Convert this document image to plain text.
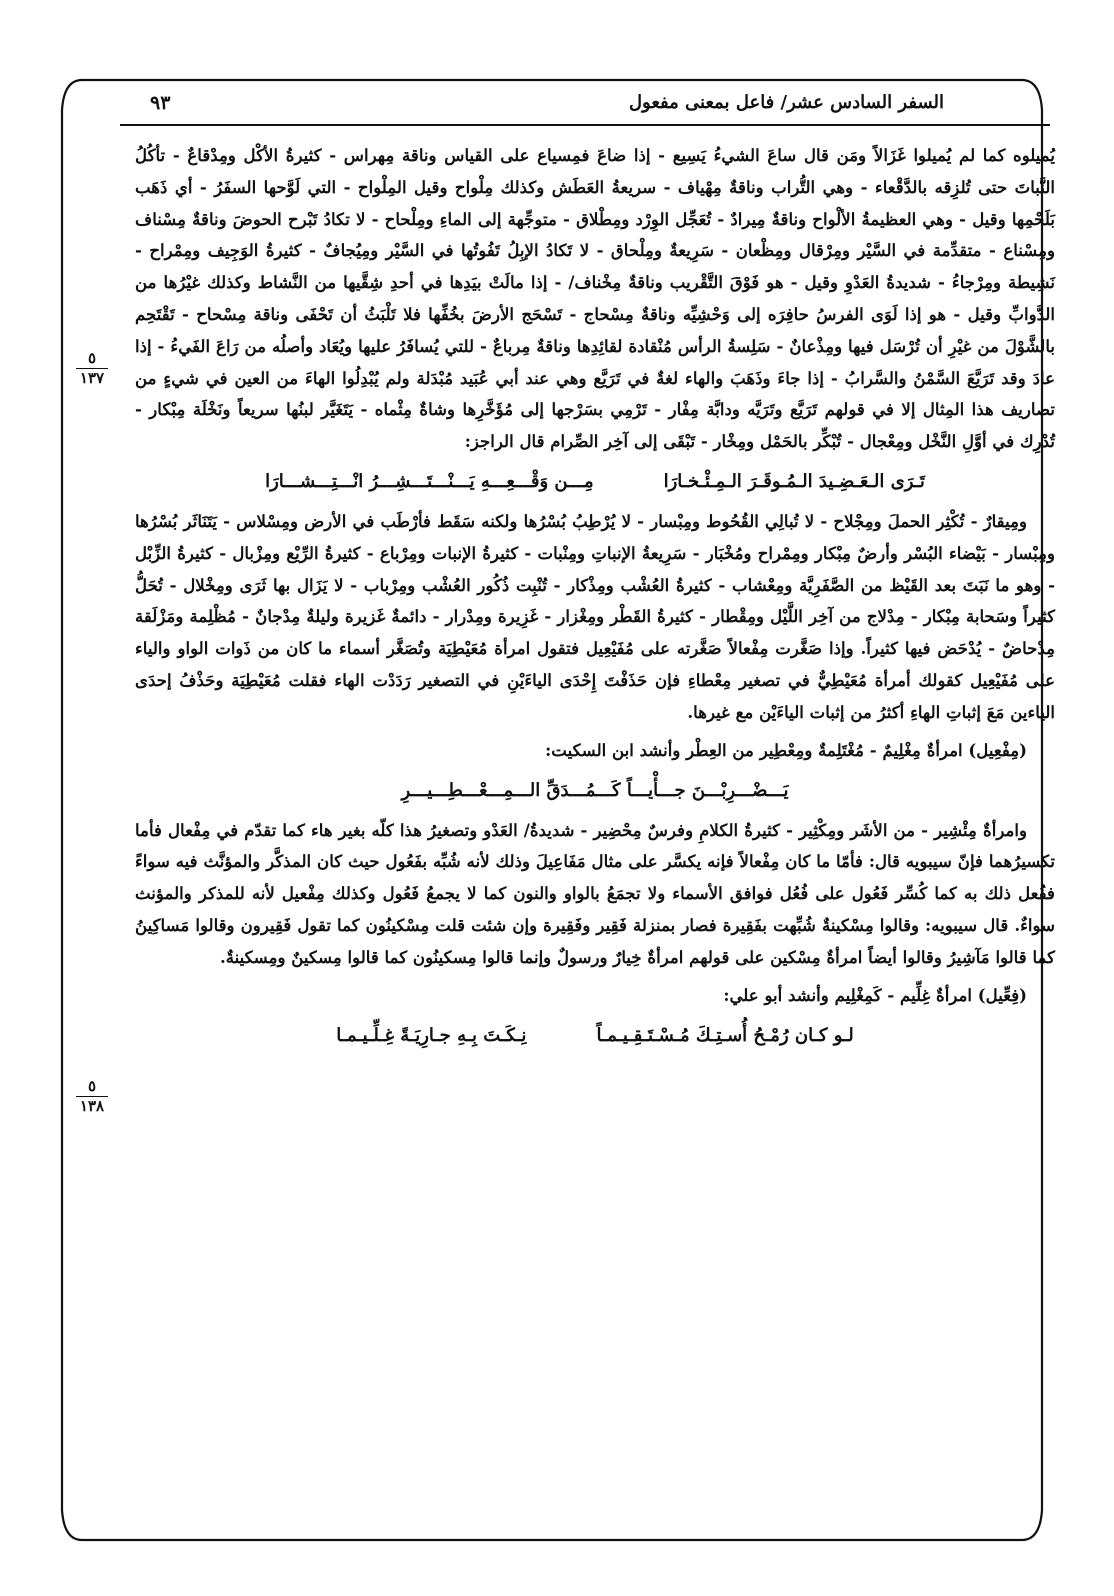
السفر السادس عشر/ فاعل بمعنى مفعول
٩٣
٥
١٣٧
٥
١٣٨

يُميلوه كما لم يُميلوا غَزَالاً ومَن قال ساعَ الشيءُ يَسِيع - إذا ضاعَ فمِسياع على القياس وناقة مِهراس - كثيرةُ الأكْل ومِدْقاعٌ - تأكُلُ النَّباتَ حتى تُلزِقه بالدَّقْعاء - وهي التُّراب وناقةٌ مِهْياف - سريعةُ العَطَش وكذلك مِلْواح وقيل المِلْواح - التي لَوَّحها السفَرُ - أي ذَهَب بَلَحْمِها وقيل - وهي العظيمةُ الألْواح وناقةٌ مِيرادٌ - تُعَجِّل الوِرْد ومِطْلاق - متوجِّهة إلى الماءِ ومِلْحاح - لا تكادُ تَبْرح الحوضَ وناقةٌ مِسْناف ومِسْناع - متقدِّمة في السَّيْر ومِرْقال ومِظْعان - سَرِيعةٌ ومِلْحاق - لا تَكادُ الإبِلُ تَفُوتُها في السَّيْر ومِيُجافٌ - كثيرةُ الوَجِيف ومِمْراح - نَشِيطة ومِرْجاءُ - شديدةُ العَدْوِ وقيل - هو فَوْقَ التَّقْريب وناقةٌ مِخْناف/ - إذا مالَتْ بيَدِها في أحدِ شِقَّيها من النَّشاط وكذلك غيْرُها من الدَّوابِّ وقيل - هو إذا لَوَى الفرسُ حافِرَه إلى وَحْشِيِّه وناقةٌ مِسْحاج - تَسْحَج الأرضَ بخُفِّها فلا تَلْبَثُ أن تَحْفَى وناقة مِسْحاح - تَقْتَحِم بالشَّوْلَ من غيْرِ أن تُرْسَل فيها ومِذْعانٌ - سَلِسةُ الرأس مُنْقادة لقائِدِها وناقةٌ مِرباعٌ - للتي يُسافَرُ عليها ويُعَاد وأصلُه من رَاعَ الفَيءُ - إذا عادَ وقد تَرَيَّعَ السَّمْنُ والسَّرابُ - إذا جاءَ وذَهَبَ والهاء لغةٌ في تَرَيَّع وهي عند أبي عُبَيد مُبْدَلة ولم يُبْدِلُوا الهاءَ من العين في شيءٍ من تصاريف هذا المِثال إلا في قولهم تَرَيَّع وتَرَيَّه ودابَّة مِفْار - تَرْمِي بسَرْجها إلى مُؤَخَّرِها وشاةٌ مِثْماه - يَتَغَيَّر لبنُها سريعاً ونَخْلَة مِبْكار - تُدْرِك في أوَّلِ النَّخْل ومِعْجال - تُبْكِّر بالحَمْل ومِخْار - تَبْقَى إلى آخِر الصِّرام قال الراجز:

تَـرَى الـعَـضِـيدَ الـمُـوقَـرَ الـمِـئْـخـارَا
مِـــن وَقْـــعِـــهِ يَـــنْـــتَـــشِـــرُ انْـــتِـــشـــارَا

ومِيقارٌ - تُكْثِر الحملَ ومِجْلاح - لا تُبالِي القُحُوط ومِبْسار - لا يُرْطِبُ بُسْرُها ولكنه سَقَط فأرْطَب في الأرض ومِسْلاس - يَتَنَاثَر بُسْرُها ومِبْسار - بَيْضاء البُسْر وأرضٌ مِبْكار ومِمْراح ومُخْبَار - سَرِيعةُ الإنباتِ ومِنْبات - كثيرةُ الإنبات ومِرْباع - كثيرةُ الرِّيْع ومِزْبال - كثيرةُ الزِّبْل - وهو ما نَبَتَ بعد القَيْظ من الصَّفَرِيَّة ومِعْشاب - كثيرةُ العُشْب ومِذْكار - تُنْبِت ذُكُور العُشْب ومِرْباب - لا يَزَال بها ثَرَى ومِخْلال - تُحَلُّ كثيراً وسَحابة مِبْكار - مِدْلاج من آخِر اللَّيْل ومِقْطار - كثيرةُ القَطْر ومِغْزار - غَزِيرة ومِدْرار - دائمةٌ غَزيرة وليلةٌ مِدْجانٌ - مُظْلِمة ومَزْلَقة مِدْحاضٌ - يُدْحَض فيها كثيراً. وإذا صَغَّرت مِفْعالاً صَغَّرته على مُفَيْعِيل فتقول امرأة مُعَيْطِيَة وتُصَغَّر أسماء ما كان من ذَوات الواو والياء على مُفَيْعِيل كقولك أمرأة مُعَيْطِيٌّ في تصغير مِعْطاءِ فإن حَذَفْتَ إِحْدَى الياءَيْنِ في التصغير رَدَدْت الهاء فقلت مُعَيْطِيَة وحَذْفُ إحدَى الياءين مَعَ إثباتِ الهاءِ أكثرُ من إثبات الياءَيْن مع غيرها.

(مِفْعِيل) امرأةٌ مِغْلِيمٌ - مُغْتَلِمةٌ ومِعْطِير من العِطْر وأنشد ابن السكيت:

يَـــضْـــرِبْـــنَ جـــأْيـــاً كَـــمُـــدَقِّ الـــمِـــعْـــطِـــيـــرِ

وامرأةٌ مِئْشِير - من الأشَر ومِكْثِير - كثيرةُ الكلامِ وفرسٌ مِحْضِير - شديدةُ/ العَدْو وتصغيرُ هذا كلّه بغير هاء كما تقدّم في مِفْعال فأما تكسيرُهما فإنّ سيبويه قال: فأمّا ما كان مِفْعالاً فإنه يكسَّر على مثال مَفَاعِيلَ وذلك لأنه شُبِّه بفَعُول حيث كان المذكَّر والمؤنَّث فيه سواءً ففُعل ذلك به كما كُسِّر فَعُول على فُعُل فوافق الأسماء ولا تجمَعُ بالواو والنون كما لا يجمعُ فَعُول وكذلك مِفْعيل لأنه للمذكر والمؤنث سواءٌ. قال سيبويه: وقالوا مِسْكينةٌ شُبِّهت بفَقِيرة فصار بمنزلة فَقِير وفَقِيرة وإن شئت قلت مِسْكينُون كما تقول فَقِيرون وقالوا مَساكِينُ كما قالوا مَآشِيرُ وقالوا أيضاً امرأةٌ مِسْكين على قولهم امرأةٌ خِيارٌ ورسولٌ وإنما قالوا مِسكينُون كما قالوا مِسكينٌ ومِسكينةٌ.

(فِعِّيل) امرأةٌ غِلِّيم - كَمِغْلِيم وأنشد أبو علي:

لـو كـان رُمْـحُ أُسـتِـكَ مُـسْـتَـقِـيـمـاً
نِـكَـتَ بِـهِ جـارِيَـةً غِـلِّـيـمـا
